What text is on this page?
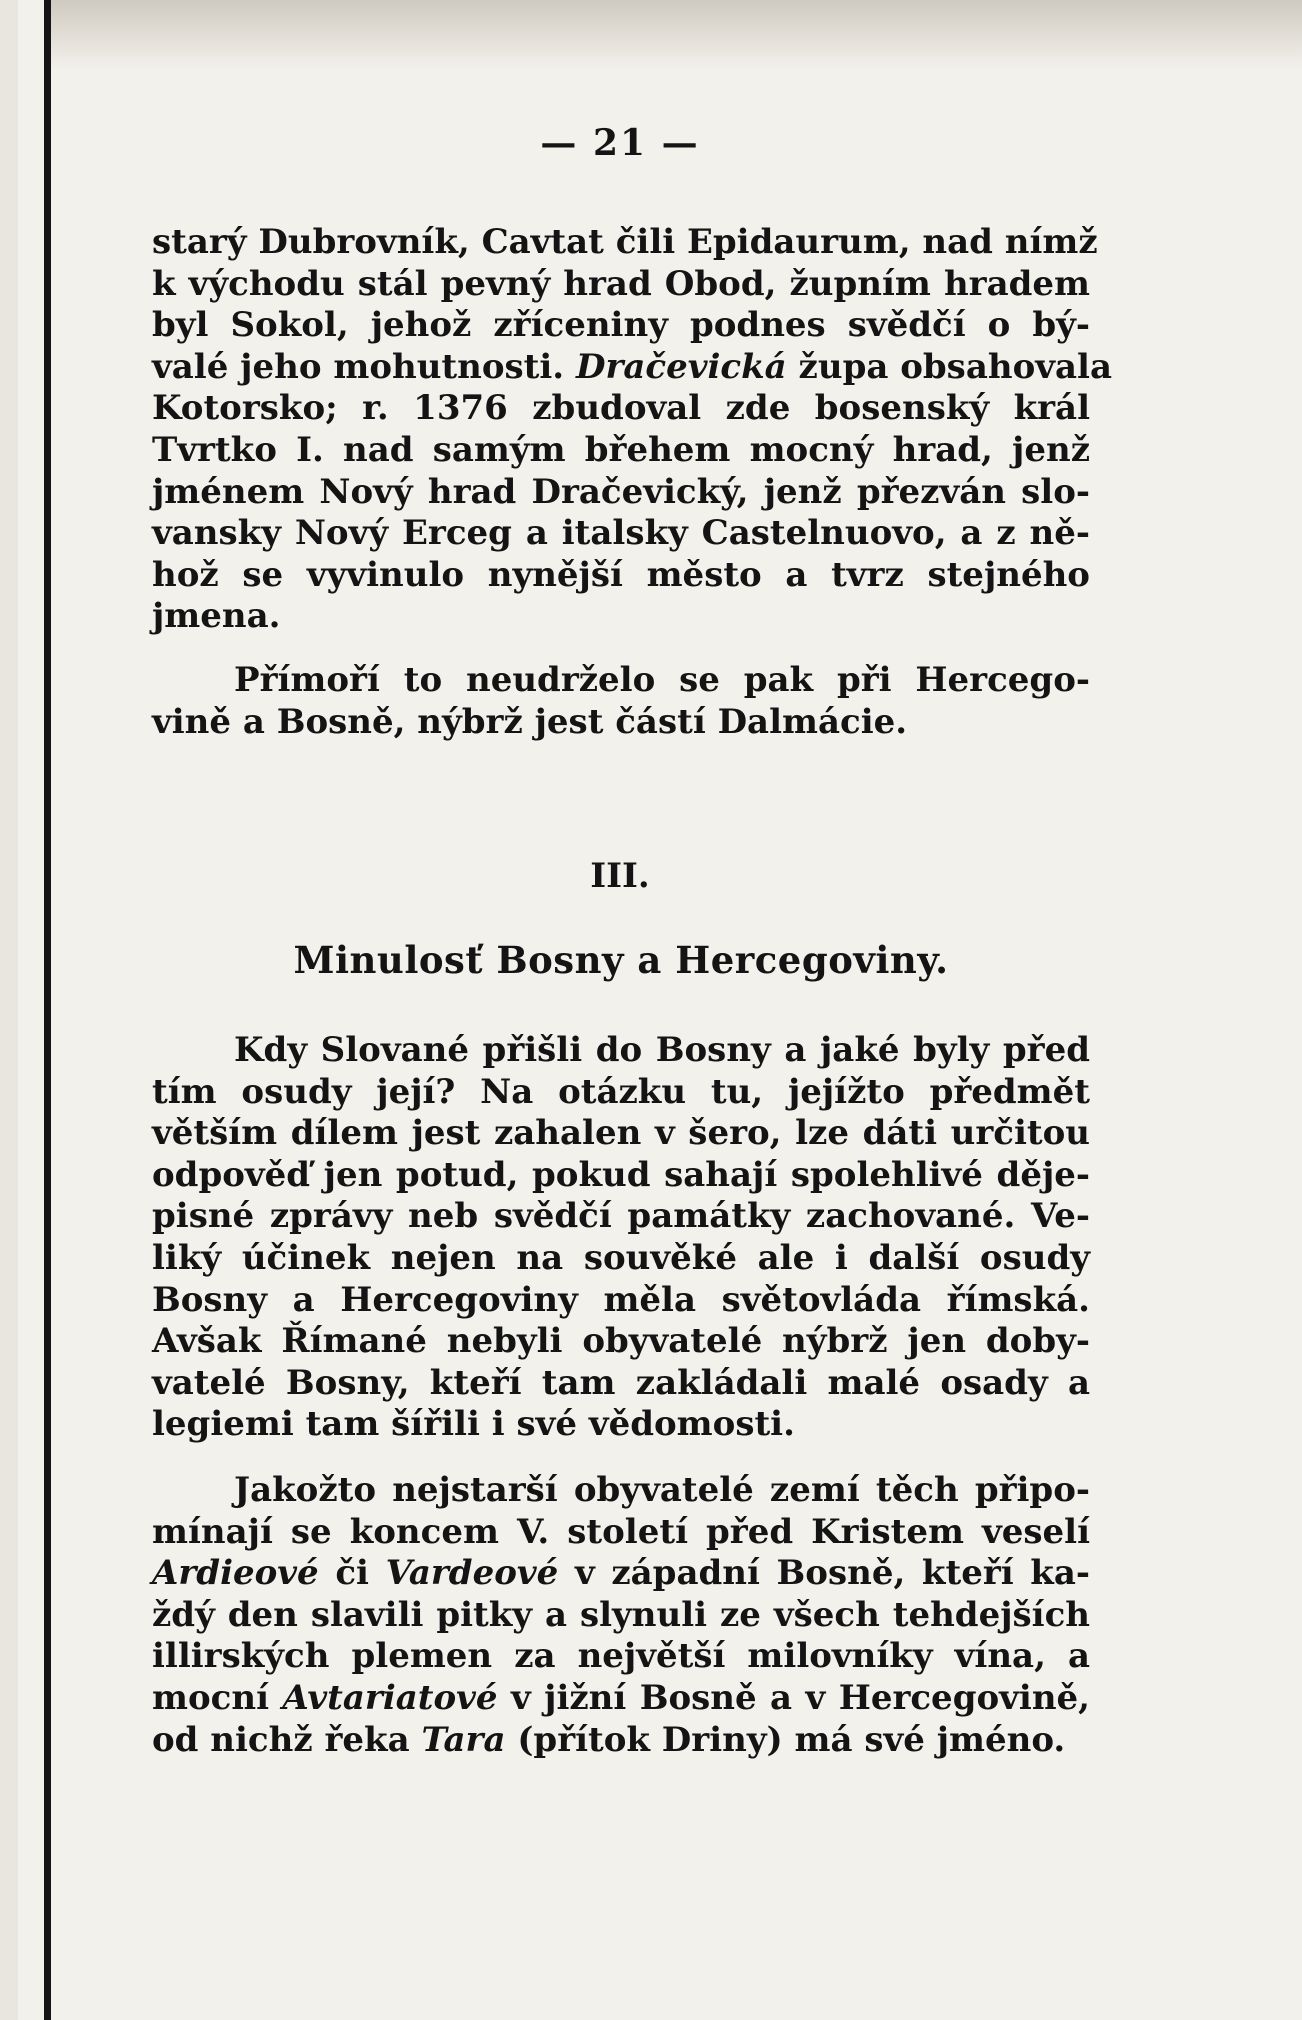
— 21 —
starý Dubrovník, Cavtat čili Epidaurum, nad nímž
k východu stál pevný hrad Obod, župním hradem
byl Sokol, jehož zříceniny podnes svědčí o bý-
valé jeho mohutnosti. Dračevická župa obsahovala
Kotorsko; r. 1376 zbudoval zde bosenský král
Tvrtko I. nad samým břehem mocný hrad, jenž
jménem Nový hrad Dračevický, jenž přezván slo-
vansky Nový Erceg a italsky Castelnuovo, a z ně-
hož se vyvinulo nynější město a tvrz stejného
jmena.
Přímoří to neudrželo se pak při Hercego-
vině a Bosně, nýbrž jest částí Dalmácie.
III.
Minulosť Bosny a Hercegoviny.
Kdy Slované přišli do Bosny a jaké byly před
tím osudy její? Na otázku tu, jejížto předmět
větším dílem jest zahalen v šero, lze dáti určitou
odpověď jen potud, pokud sahají spolehlivé děje-
pisné zprávy neb svědčí památky zachované. Ve-
liký účinek nejen na souvěké ale i další osudy
Bosny a Hercegoviny měla světovláda římská.
Avšak Římané nebyli obyvatelé nýbrž jen doby-
vatelé Bosny, kteří tam zakládali malé osady a
legiemi tam šířili i své vědomosti.
Jakožto nejstarší obyvatelé zemí těch připo-
mínají se koncem V. století před Kristem veselí
Ardieové či Vardeové v západní Bosně, kteří ka-
ždý den slavili pitky a slynuli ze všech tehdejších
illirských plemen za největší milovníky vína, a
mocní Avtariatové v jižní Bosně a v Hercegovině,
od nichž řeka Tara (přítok Driny) má své jméno.
